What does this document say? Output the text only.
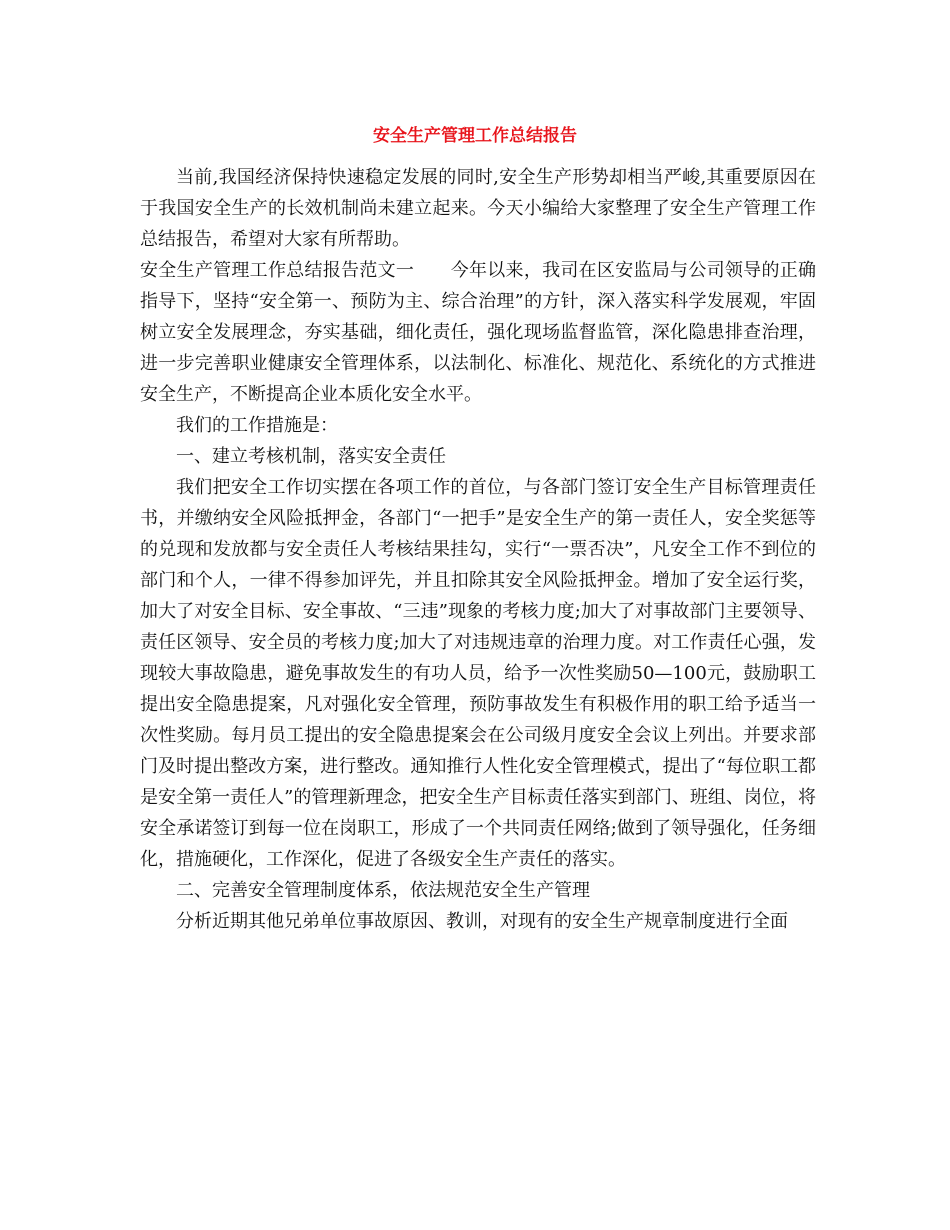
安全生产管理工作总结报告

当前,我国经济保持快速稳定发展的同时,安全生产形势却相当严峻,其重要原因在于我国安全生产的长效机制尚未建立起来。今天小编给大家整理了安全生产管理工作总结报告，希望对大家有所帮助。

安全生产管理工作总结报告范文一　　今年以来，我司在区安监局与公司领导的正确指导下，坚持“安全第一、预防为主、综合治理”的方针，深入落实科学发展观，牢固树立安全发展理念，夯实基础，细化责任，强化现场监督监管，深化隐患排查治理，进一步完善职业健康安全管理体系，以法制化、标准化、规范化、系统化的方式推进安全生产，不断提高企业本质化安全水平。

我们的工作措施是：

一、建立考核机制，落实安全责任

我们把安全工作切实摆在各项工作的首位，与各部门签订安全生产目标管理责任书，并缴纳安全风险抵押金，各部门“一把手”是安全生产的第一责任人，安全奖惩等的兑现和发放都与安全责任人考核结果挂勾，实行“一票否决”，凡安全工作不到位的部门和个人，一律不得参加评先，并且扣除其安全风险抵押金。增加了安全运行奖，加大了对安全目标、安全事故、“三违”现象的考核力度;加大了对事故部门主要领导、责任区领导、安全员的考核力度;加大了对违规违章的治理力度。对工作责任心强，发现较大事故隐患，避免事故发生的有功人员，给予一次性奖励50—100元，鼓励职工提出安全隐患提案，凡对强化安全管理，预防事故发生有积极作用的职工给予适当一次性奖励。每月员工提出的安全隐患提案会在公司级月度安全会议上列出。并要求部门及时提出整改方案，进行整改。通知推行人性化安全管理模式，提出了“每位职工都是安全第一责任人”的管理新理念，把安全生产目标责任落实到部门、班组、岗位，将安全承诺签订到每一位在岗职工，形成了一个共同责任网络;做到了领导强化，任务细化，措施硬化，工作深化，促进了各级安全生产责任的落实。

二、完善安全管理制度体系，依法规范安全生产管理

分析近期其他兄弟单位事故原因、教训，对现有的安全生产规章制度进行全面
